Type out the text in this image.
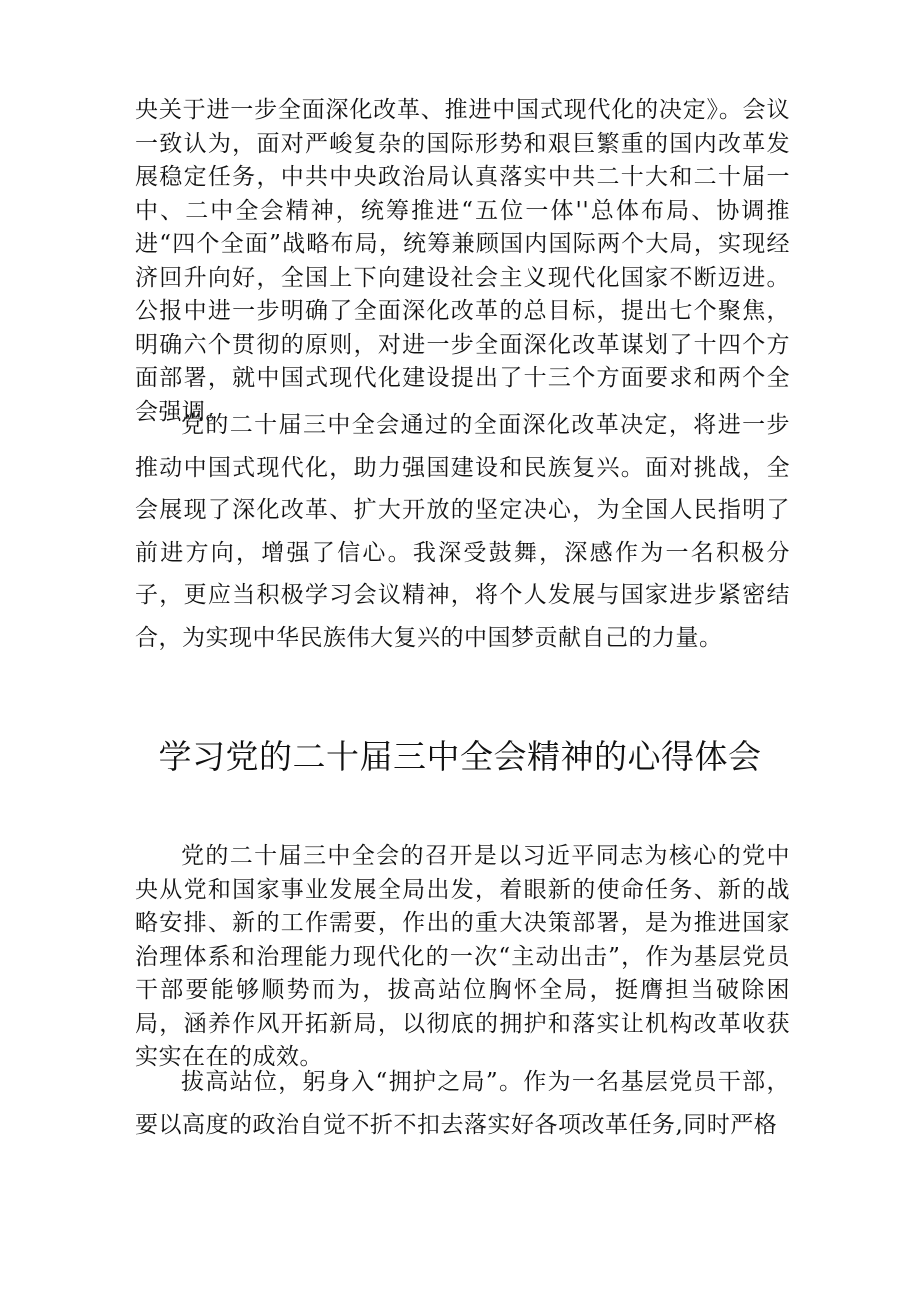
央关于进一步全面深化改革、推进中国式现代化的决定》。会议一致认为，面对严峻复杂的国际形势和艰巨繁重的国内改革发展稳定任务，中共中央政治局认真落实中共二十大和二十届一中、二中全会精神，统筹推进“五位一体''总体布局、协调推进“四个全面”战略布局，统筹兼顾国内国际两个大局，实现经济回升向好，全国上下向建设社会主义现代化国家不断迈进。公报中进一步明确了全面深化改革的总目标，提出七个聚焦，明确六个贯彻的原则，对进一步全面深化改革谋划了十四个方面部署，就中国式现代化建设提出了十三个方面要求和两个全会强调。

党的二十届三中全会通过的全面深化改革决定，将进一步推动中国式现代化，助力强国建设和民族复兴。面对挑战，全会展现了深化改革、扩大开放的坚定决心，为全国人民指明了前进方向，增强了信心。我深受鼓舞，深感作为一名积极分子，更应当积极学习会议精神，将个人发展与国家进步紧密结合，为实现中华民族伟大复兴的中国梦贡献自己的力量。

学习党的二十届三中全会精神的心得体会

党的二十届三中全会的召开是以习近平同志为核心的党中央从党和国家事业发展全局出发，着眼新的使命任务、新的战略安排、新的工作需要，作出的重大决策部署，是为推进国家治理体系和治理能力现代化的一次“主动出击”，作为基层党员干部要能够顺势而为，拔高站位胸怀全局，挺膺担当破除困局，涵养作风开拓新局，以彻底的拥护和落实让机构改革收获实实在在的成效。

拔高站位，躬身入“拥护之局”。作为一名基层党员干部，要以高度的政治自觉不折不扣去落实好各项改革任务,同时严格
